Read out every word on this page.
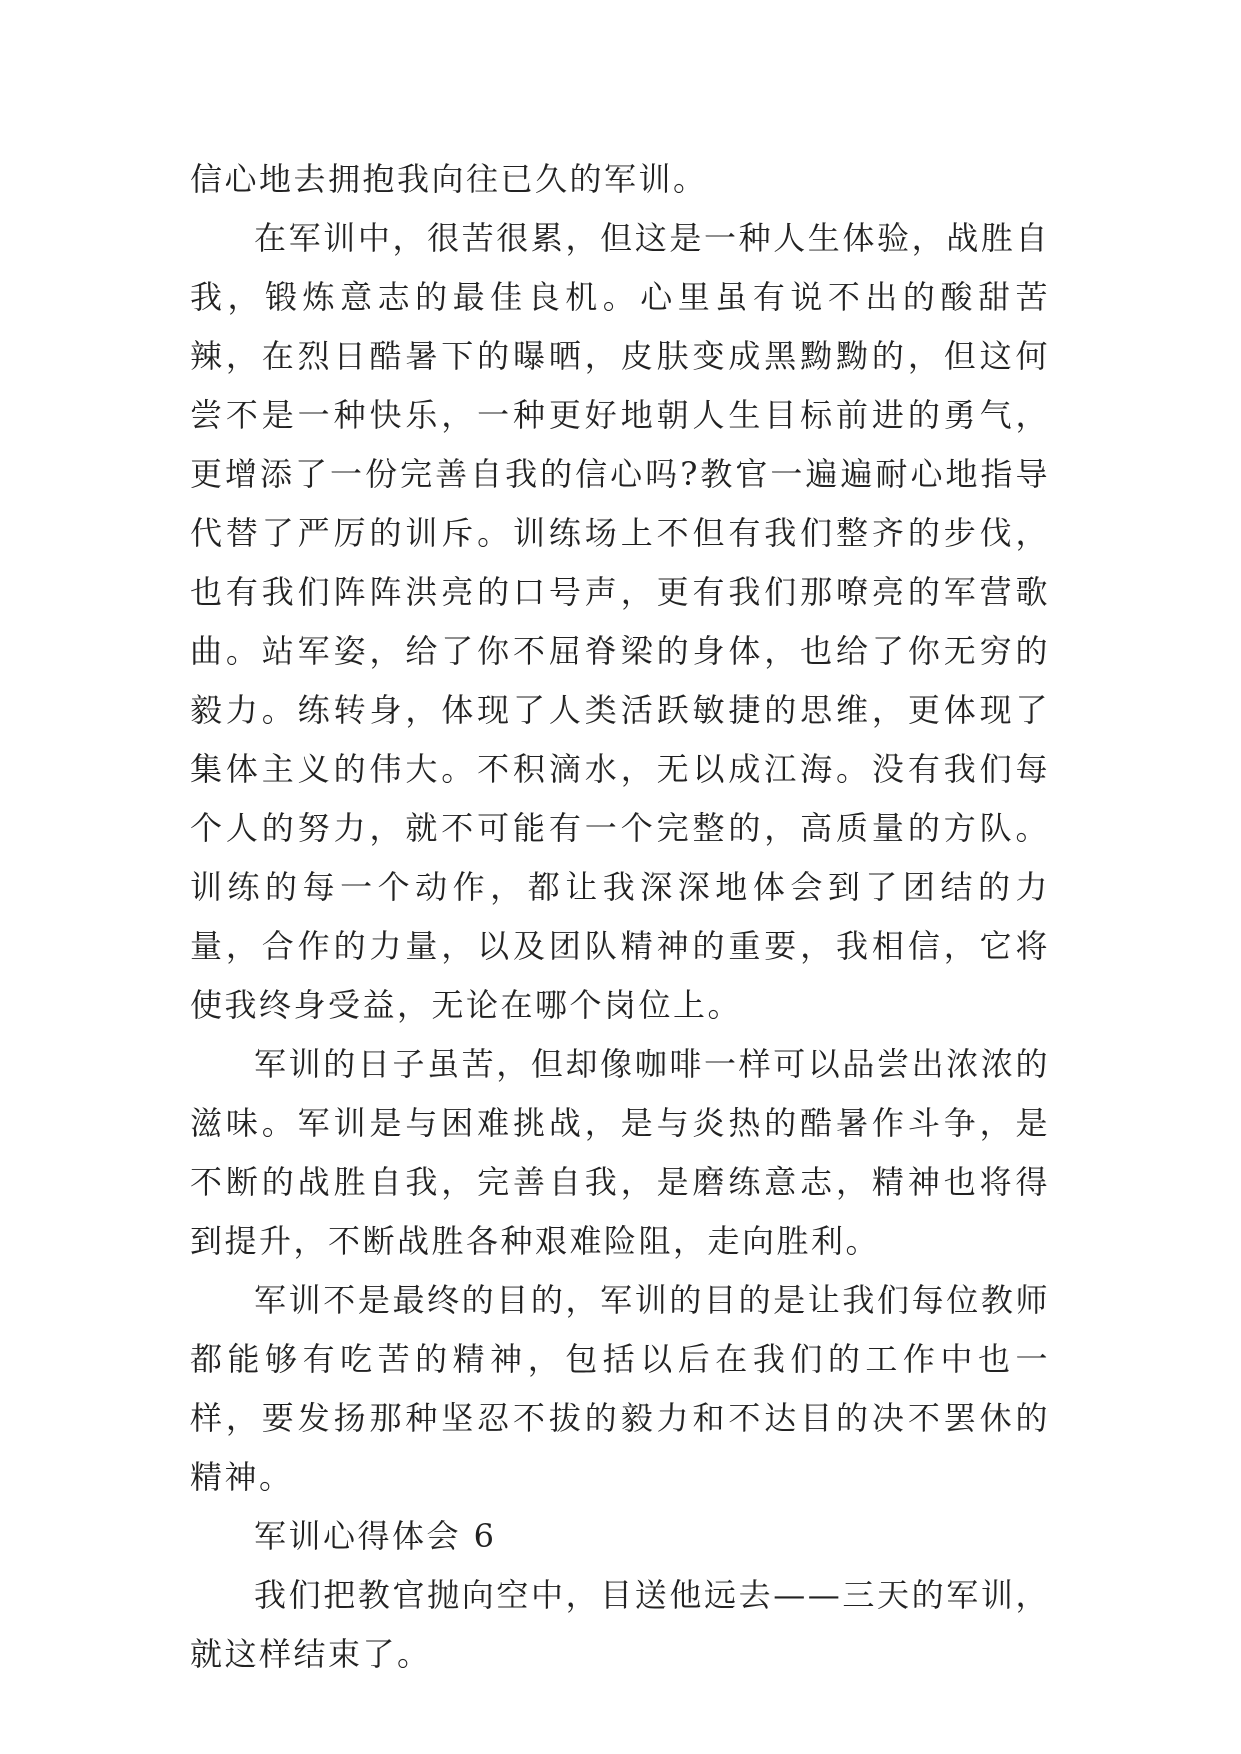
信心地去拥抱我向往已久的军训。

在军训中，很苦很累，但这是一种人生体验，战胜自我，锻炼意志的最佳良机。心里虽有说不出的酸甜苦辣，在烈日酷暑下的曝晒，皮肤变成黑黝黝的，但这何尝不是一种快乐，一种更好地朝人生目标前进的勇气，更增添了一份完善自我的信心吗?教官一遍遍耐心地指导代替了严厉的训斥。训练场上不但有我们整齐的步伐，也有我们阵阵洪亮的口号声，更有我们那嘹亮的军营歌曲。站军姿，给了你不屈脊梁的身体，也给了你无穷的毅力。练转身，体现了人类活跃敏捷的思维，更体现了集体主义的伟大。不积滴水，无以成江海。没有我们每个人的努力，就不可能有一个完整的，高质量的方队。训练的每一个动作，都让我深深地体会到了团结的力量，合作的力量，以及团队精神的重要，我相信，它将使我终身受益，无论在哪个岗位上。

军训的日子虽苦，但却像咖啡一样可以品尝出浓浓的滋味。军训是与困难挑战，是与炎热的酷暑作斗争，是不断的战胜自我，完善自我，是磨练意志，精神也将得到提升，不断战胜各种艰难险阻，走向胜利。

军训不是最终的目的，军训的目的是让我们每位教师都能够有吃苦的精神，包括以后在我们的工作中也一样，要发扬那种坚忍不拔的毅力和不达目的决不罢休的精神。

军训心得体会 6

我们把教官抛向空中，目送他远去——三天的军训，就这样结束了。
